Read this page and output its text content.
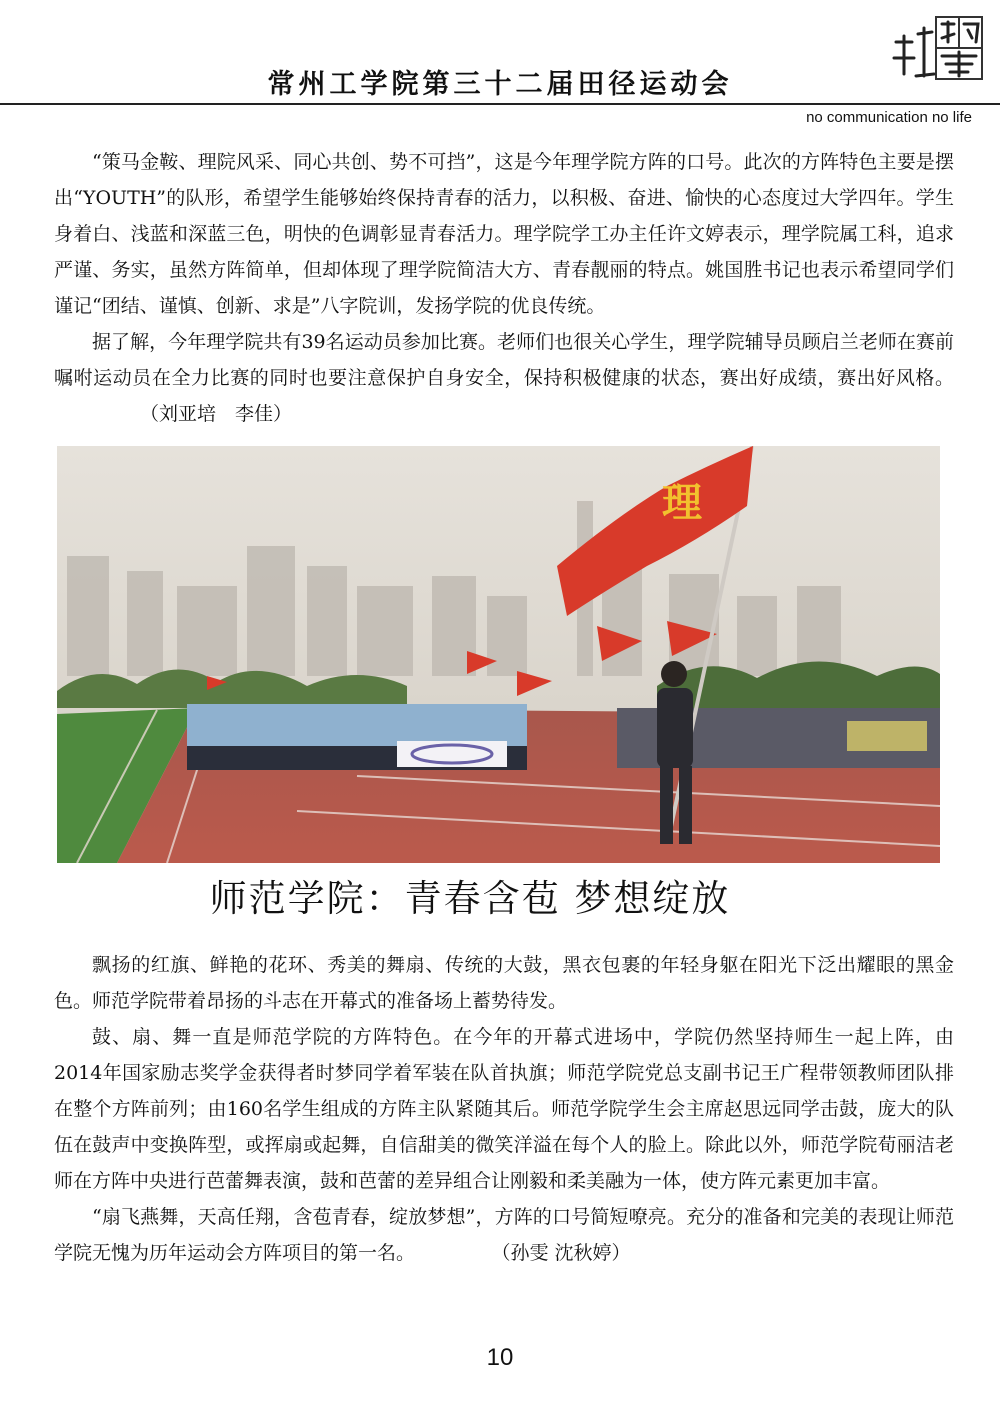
常州工学院第三十二届田径运动会
no communication no life

“策马金鞍、理院风采、同心共创、势不可挡”，这是今年理学院方阵的口号。此次的方阵特色主要是摆出“YOUTH”的队形，希望学生能够始终保持青春的活力，以积极、奋进、愉快的心态度过大学四年。学生身着白、浅蓝和深蓝三色，明快的色调彰显青春活力。理学院学工办主任许文婷表示，理学院属工科，追求严谨、务实，虽然方阵简单，但却体现了理学院简洁大方、青春靓丽的特点。姚国胜书记也表示希望同学们谨记“团结、谨慎、创新、求是”八字院训，发扬学院的优良传统。

据了解，今年理学院共有39名运动员参加比赛。老师们也很关心学生，理学院辅导员顾启兰老师在赛前嘱咐运动员在全力比赛的同时也要注意保护自身安全，保持积极健康的状态，赛出好成绩，赛出好风格。（刘亚培　李佳）

理
师范学院：青春含苞 梦想绽放

飘扬的红旗、鲜艳的花环、秀美的舞扇、传统的大鼓，黑衣包裹的年轻身躯在阳光下泛出耀眼的黑金色。师范学院带着昂扬的斗志在开幕式的准备场上蓄势待发。

鼓、扇、舞一直是师范学院的方阵特色。在今年的开幕式进场中，学院仍然坚持师生一起上阵，由2014年国家励志奖学金获得者时梦同学着军装在队首执旗；师范学院党总支副书记王广程带领教师团队排在整个方阵前列；由160名学生组成的方阵主队紧随其后。师范学院学生会主席赵思远同学击鼓，庞大的队伍在鼓声中变换阵型，或挥扇或起舞，自信甜美的微笑洋溢在每个人的脸上。除此以外，师范学院荀丽洁老师在方阵中央进行芭蕾舞表演，鼓和芭蕾的差异组合让刚毅和柔美融为一体，使方阵元素更加丰富。

“扇飞燕舞，天高任翔，含苞青春，绽放梦想”，方阵的口号简短嘹亮。充分的准备和完美的表现让师范学院无愧为历年运动会方阵项目的第一名。	（孙雯 沈秋婷）

10
